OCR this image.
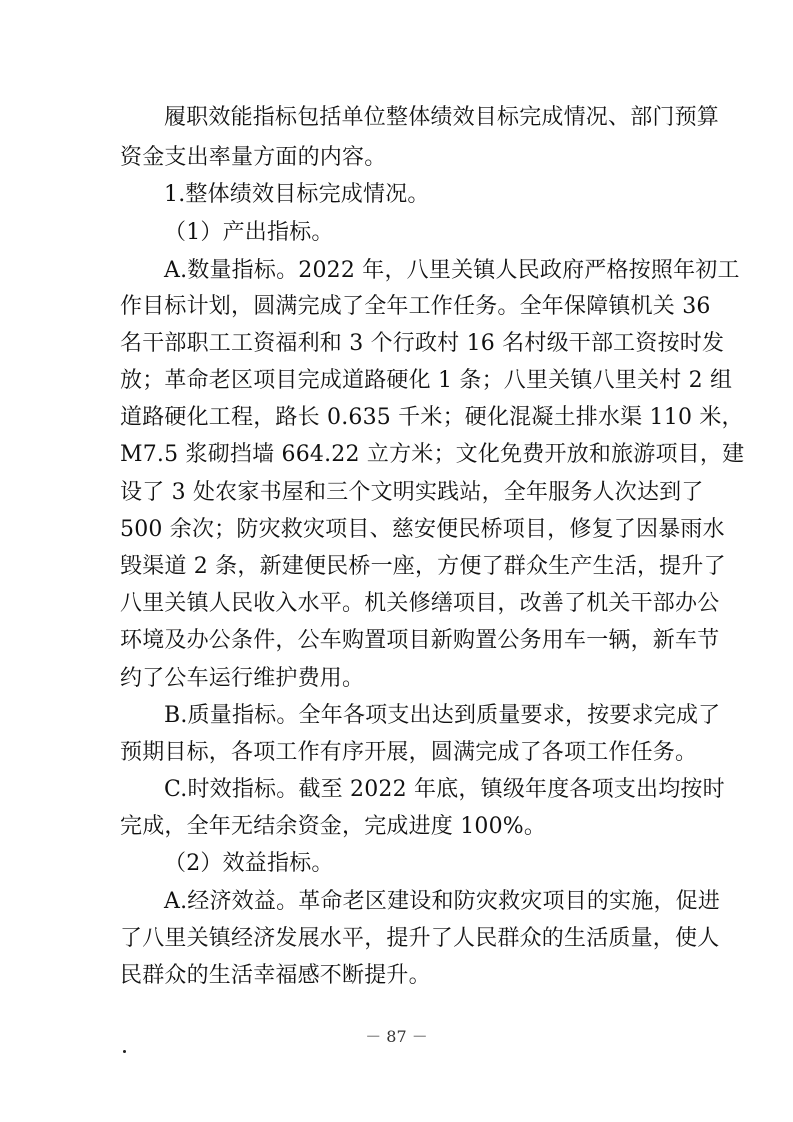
履职效能指标包括单位整体绩效目标完成情况、部门预算
资金支出率量方面的内容。
1.整体绩效目标完成情况。
（1）产出指标。
A.数量指标。2022 年，八里关镇人民政府严格按照年初工
作目标计划，圆满完成了全年工作任务。全年保障镇机关 36
名干部职工工资福利和 3 个行政村 16 名村级干部工资按时发
放；革命老区项目完成道路硬化 1 条；八里关镇八里关村 2 组
道路硬化工程，路长 0.635 千米；硬化混凝土排水渠 110 米，
M7.5 浆砌挡墙 664.22 立方米；文化免费开放和旅游项目，建
设了 3 处农家书屋和三个文明实践站，全年服务人次达到了
500 余次；防灾救灾项目、慈安便民桥项目，修复了因暴雨水
毁渠道 2 条，新建便民桥一座，方便了群众生产生活，提升了
八里关镇人民收入水平。机关修缮项目，改善了机关干部办公
环境及办公条件，公车购置项目新购置公务用车一辆，新车节
约了公车运行维护费用。
B.质量指标。全年各项支出达到质量要求，按要求完成了
预期目标，各项工作有序开展，圆满完成了各项工作任务。
C.时效指标。截至 2022 年底，镇级年度各项支出均按时
完成，全年无结余资金，完成进度 100%。
（2）效益指标。
A.经济效益。革命老区建设和防灾救灾项目的实施，促进
了八里关镇经济发展水平，提升了人民群众的生活质量，使人
民群众的生活幸福感不断提升。
－ 87 －
